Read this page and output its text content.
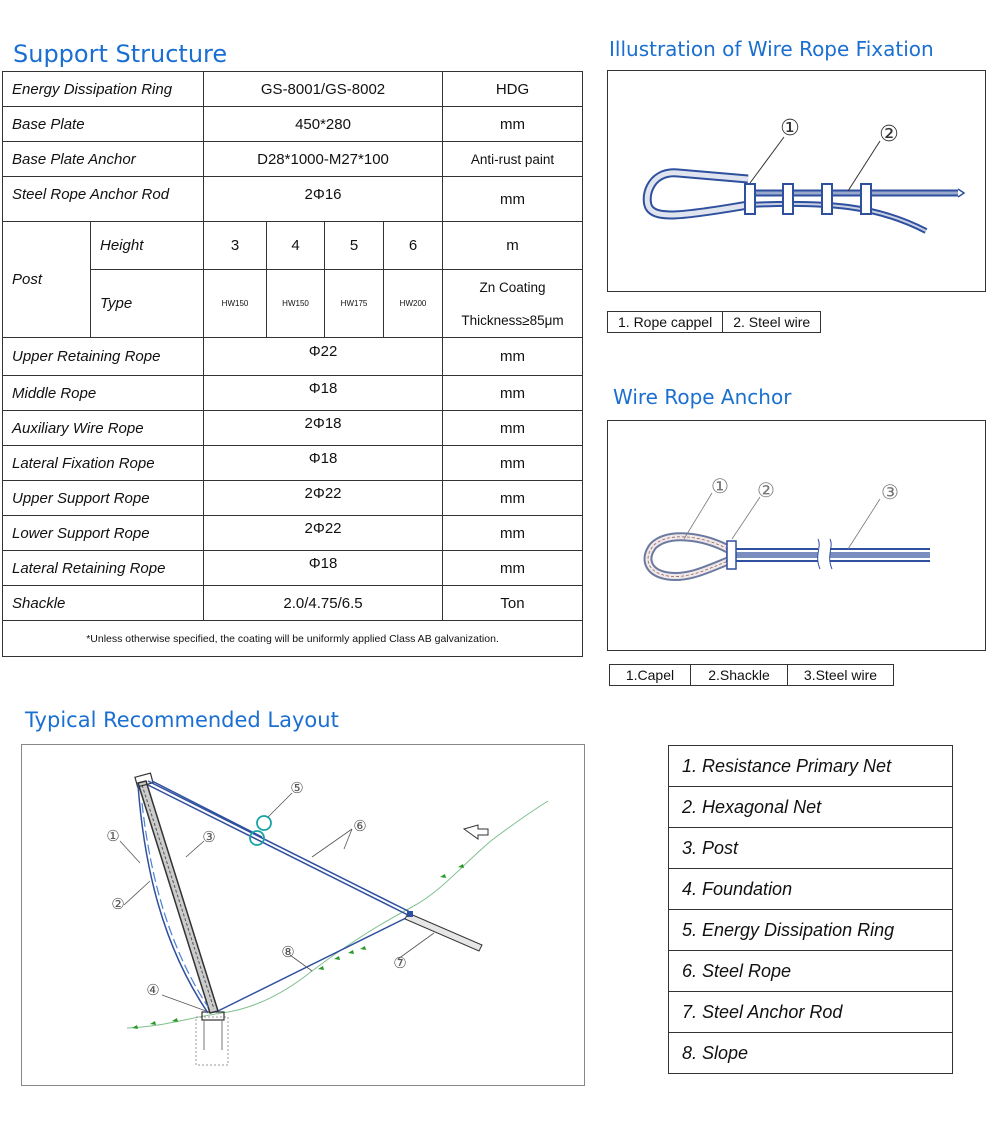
Support Structure
Energy Dissipation Ring		GS-8001/GS-8002				HDG
Base Plate		450*280				mm
Base Plate Anchor		D28*1000-M27*100				Anti-rust paint
Steel Rope Anchor Rod		2Φ16				mm
Post	Height	3	4	5	6	m
	Type	HW150	HW150	HW175	HW200	Zn Coating
Thickness≥85μm

Upper Retaining Rope		Φ22				mm
Middle Rope		Φ18				mm
Auxiliary Wire Rope		2Φ18				mm
Lateral Fixation Rope		Φ18				mm
Upper Support Rope		2Φ22				mm
Lower Support Rope		2Φ22				mm
Lateral Retaining Rope		Φ18				mm
Shackle		2.0/4.75/6.5				Ton
*Unless otherwise specified, the coating will be uniformly applied Class AB galvanization.						
Illustration of Wire Rope Fixation
①	②
1. Rope cappel	2. Steel wire
Wire Rope Anchor
① ②	③
1.Capel	2.Shackle	3.Steel wire
Typical Recommended Layout
①
②
③
④
⑤
⑥
⑦
⑧
1. Resistance Primary Net
2. Hexagonal Net
3. Post
4. Foundation
5. Energy Dissipation Ring
6. Steel Rope
7. Steel Anchor Rod
8. Slope
